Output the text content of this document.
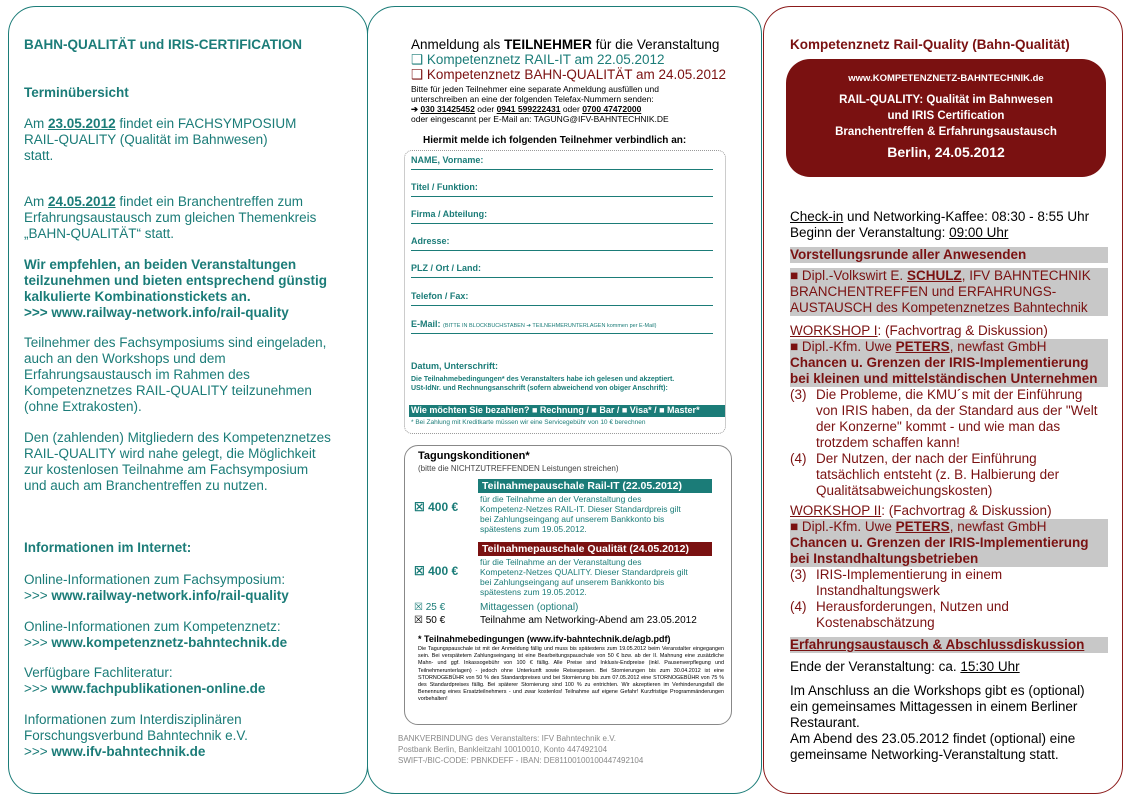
BAHN-QUALITÄT und IRIS-CERTIFICATION
Terminübersicht
Am 23.05.2012 findet ein FACHSYMPOSIUM
RAIL-QUALITY (Qualität im Bahnwesen)
statt.
Am 24.05.2012 findet ein Branchentreffen zum
Erfahrungsaustausch zum gleichen Themenkreis
„BAHN-QUALITÄT“ statt.
Wir empfehlen, an beiden Veranstaltungen
teilzunehmen und bieten entsprechend günstig
kalkulierte Kombinationstickets an.
>>> www.railway-network.info/rail-quality
Teilnehmer des Fachsymposiums sind eingeladen,
auch an den Workshops und dem
Erfahrungsaustausch im Rahmen des
Kompetenznetzes RAIL-QUALITY teilzunehmen
(ohne Extrakosten).
Den (zahlenden) Mitgliedern des Kompetenznetzes
RAIL-QUALITY wird nahe gelegt, die Möglichkeit
zur kostenlosen Teilnahme am Fachsymposium
und auch am Branchentreffen zu nutzen.
Informationen im Internet:
Online-Informationen zum Fachsymposium:
>>> www.railway-network.info/rail-quality
Online-Informationen zum Kompetenznetz:
>>> www.kompetenznetz-bahntechnik.de
Verfügbare Fachliteratur:
>>> www.fachpublikationen-online.de
Informationen zum Interdisziplinären
Forschungsverbund Bahntechnik e.V.
>>> www.ifv-bahntechnik.de
Anmeldung als TEILNEHMER für die Veranstaltung
❑ Kompetenznetz RAIL-IT am 22.05.2012
❑ Kompetenznetz BAHN-QUALITÄT am 24.05.2012
Bitte für jeden Teilnehmer eine separate Anmeldung ausfüllen und
unterschreiben an eine der folgenden Telefax-Nummern senden:
➔ 030 31425452 oder 0941 599222431 oder 0700 47472000
oder eingescannt per E-Mail an: TAGUNG@IFV-BAHNTECHNIK.DE
Hiermit melde ich folgenden Teilnehmer verbindlich an:
NAME, Vorname:
Titel / Funktion:
Firma / Abteilung:
Adresse:
PLZ / Ort / Land:
Telefon / Fax:
E-Mail: (BITTE IN BLOCKBUCHSTABEN ➔ TEILNEHMERUNTERLAGEN kommen per E-Mail)
Datum, Unterschrift:
Die Teilnahmebedingungen* des Veranstalters habe ich gelesen und akzeptiert.
USt-IdNr. und Rechnungsanschrift (sofern abweichend von obiger Anschrift):
Wie möchten Sie bezahlen? ■ Rechnung / ■ Bar / ■ Visa* / ■ Master*
* Bei Zahlung mit Kreditkarte müssen wir eine Servicegebühr von 10 € berechnen
Tagungskonditionen*
(bitte die NICHTZUTREFFENDEN Leistungen streichen)
Teilnahmepauschale Rail-IT (22.05.2012)
☒ 400 €
für die Teilnahme an der Veranstaltung des
Kompetenz-Netzes RAIL-IT. Dieser Standardpreis gilt
bei Zahlungseingang auf unserem Bankkonto bis
spätestens zum 19.05.2012.
Teilnahmepauschale Qualität (24.05.2012)
☒ 400 €
für die Teilnahme an der Veranstaltung des
Kompetenz-Netzes QUALITY. Dieser Standardpreis gilt
bei Zahlungseingang auf unserem Bankkonto bis
spätestens zum 19.05.2012.
☒ 25 €	Mittagessen (optional)
☒ 50 €	Teilnahme am Networking-Abend am 23.05.2012
* Teilnahmebedingungen (www.ifv-bahntechnik.de/agb.pdf)
Die Tagungspauschale ist mit der Anmeldung fällig und muss bis spätestens zum 19.05.2012 beim Veranstalter eingegangen sein. Bei verspätetem Zahlungseingang ist eine Bearbeitungspauschale von 50 € bzw. ab der II. Mahnung eine zusätzliche Mahn- und ggf. Inkassogebühr von 100 € fällig. Alle Preise sind Inklusiv-Endpreise (inkl. Pausenverpflegung und Teilnehmerunterlagen) - jedoch ohne Unterkunft sowie Reisespesen. Bei Stornierungen bis zum 30.04.2012 ist eine STORNOGEBÜHR von 50 % des Standardpreises und bei Stornierung bis zum 07.05.2012 eine STORNOGEBÜHR von 75 % des Standardpreises fällig. Bei späterer Stornierung sind 100 % zu entrichten. Wir akzeptieren im Verhinderungsfall die Benennung eines Ersatzteilnehmers - und zwar kostenlos! Teilnahme auf eigene Gefahr! Kurzfristige Programmänderungen vorbehalten!
BANKVERBINDUNG des Veranstalters: IFV Bahntechnik e.V.
Postbank Berlin, Bankleitzahl 10010010, Konto 447492104
SWIFT-/BIC-CODE: PBNKDEFF - IBAN: DE81100100100447492104
Kompetenznetz Rail-Quality (Bahn-Qualität)
www.KOMPETENZNETZ-BAHNTECHNIK.de
RAIL-QUALITY: Qualität im Bahnwesen
und IRIS Certification
Branchentreffen & Erfahrungsaustausch
Berlin, 24.05.2012
Check-in und Networking-Kaffee: 08:30 - 8:55 Uhr
Beginn der Veranstaltung: 09:00 Uhr
Vorstellungsrunde aller Anwesenden
■ Dipl.-Volkswirt E. SCHULZ, IFV BAHNTECHNIK
BRANCHENTREFFEN und ERFAHRUNGS-
AUSTAUSCH des Kompetenznetzes Bahntechnik
WORKSHOP I: (Fachvortrag & Diskussion)
■ Dipl.-Kfm. Uwe PETERS, newfast GmbH
Chancen u. Grenzen der IRIS-Implementierung
bei kleinen und mittelständischen Unternehmen
(3) Die Probleme, die KMU´s mit der Einführung
von IRIS haben, da der Standard aus der "Welt
der Konzerne" kommt - und wie man das
trotzdem schaffen kann!
(4) Der Nutzen, der nach der Einführung
tatsächlich entsteht (z. B. Halbierung der
Qualitätsabweichungskosten)
WORKSHOP II: (Fachvortrag & Diskussion)
■ Dipl.-Kfm. Uwe PETERS, newfast GmbH
Chancen u. Grenzen der IRIS-Implementierung
bei Instandhaltungsbetrieben
(3) IRIS-Implementierung in einem
Instandhaltungswerk
(4) Herausforderungen, Nutzen und
Kostenabschätzung
Erfahrungsaustausch & Abschlussdiskussion
Ende der Veranstaltung: ca. 15:30 Uhr
Im Anschluss an die Workshops gibt es (optional)
ein gemeinsames Mittagessen in einem Berliner
Restaurant.
Am Abend des 23.05.2012 findet (optional) eine
gemeinsame Networking-Veranstaltung statt.
